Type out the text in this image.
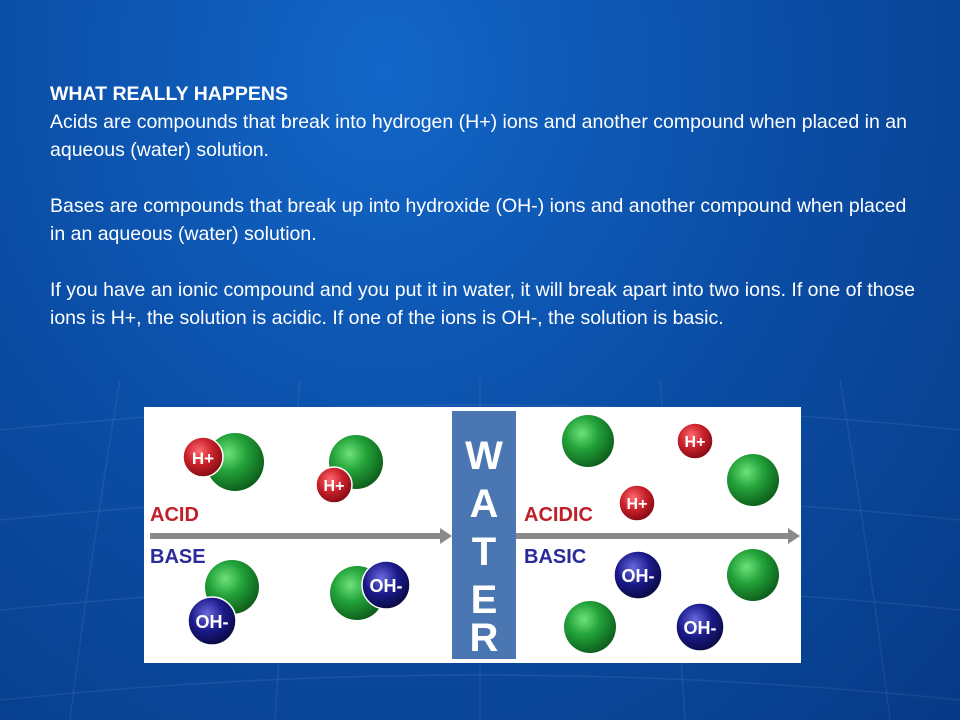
WHAT REALLY HAPPENS

Acids are compounds that break into hydrogen (H+) ions and another compound when placed in an aqueous (water) solution.

Bases are compounds that break up into hydroxide (OH-) ions and another compound when placed in an aqueous (water) solution.

If you have an ionic compound and you put it in water, it will break apart into two ions. If one of those ions is H+, the solution is acidic. If one of the ions is OH-, the solution is basic.

W
A
T
E
R
ACID
BASE
ACIDIC
BASIC
H+
H+
OH-
OH-
H+
H+
OH-
OH-
